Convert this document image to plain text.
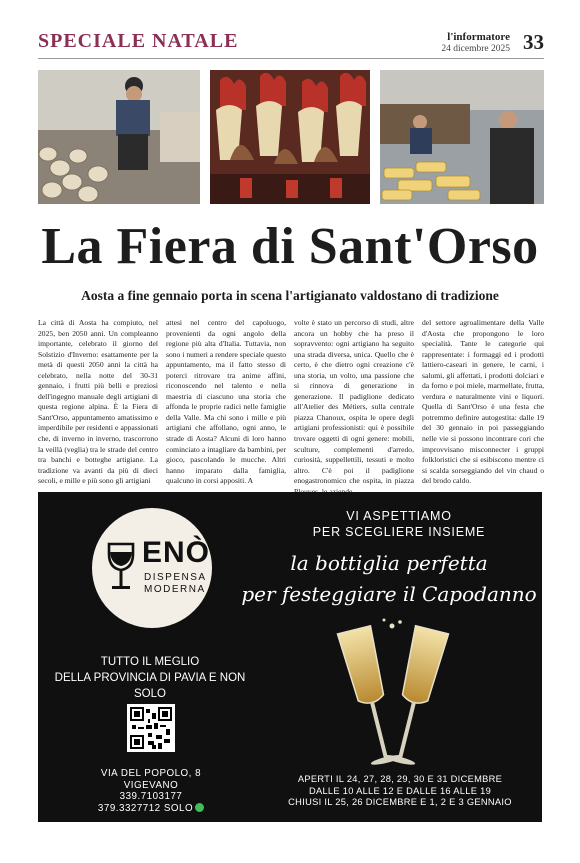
SPECIALE NATALE	l'informatore
24 dicembre 2025 33
La Fiera di Sant'Orso
Aosta a fine gennaio porta in scena l'artigianato valdostano di tradizione
La città di Aosta ha compiuto, nel 2025, ben 2050 anni. Un compleanno importante, celebrato il giorno del Solstizio d'Inverno: esattamente per la metà di questi 2050 anni la città ha celebrato, nella notte del 30-31 gennaio, i frutti più belli e preziosi dell'ingegno manuale degli artigiani di questa regione alpina. È la Fiera di Sant'Orso, appuntamento amatissimo e imperdibile per residenti e appassionati che, di inverno in inverno, trascorrono la veillà (veglia) tra le strade del centro tra banchi e botteghe artigiane. La tradizione va avanti da più di dieci secoli, e mille e più sono gli artigiani
attesi nel centro del capoluogo, provenienti da ogni angolo della regione più alta d'Italia. Tuttavia, non sono i numeri a rendere speciale questo appuntamento, ma il fatto stesso di poterci ritrovare tra anime affini, riconoscendo nel talento e nella maestria di ciascuno una storia che affonda le proprie radici nelle famiglie della Valle. Ma chi sono i mille e più artigiani che affollano, ogni anno, le strade di Aosta? Alcuni di loro hanno cominciato a intagliare da bambini, per gioco, pascolando le mucche. Altri hanno imparato dalla famiglia, qualcuno in corsi appositi. A
volte è stato un percorso di studi, altre ancora un hobby che ha preso il sopravvento: ogni artigiano ha seguito una strada diversa, unica. Quello che è certo, è che dietro ogni creazione c'è una storia, un volto, una passione che si rinnova di generazione in generazione. Il padiglione dedicato all'Atelier des Métiers, sulla centrale piazza Chanoux, ospita le opere degli artigiani professionisti: qui è possibile trovare oggetti di ogni genere: mobili, sculture, complementi d'arredo, curiosità, suppellettili, tessuti e molto altro. C'è poi il padiglione enogastronomico che ospita, in piazza
del settore agroalimentare della Valle d'Aosta che propongono le loro specialità. Tante le categorie qui rappresentate: i formaggi ed i prodotti lattiero-caseari in genere, le carni, i salumi, gli affettati, i prodotti dolciari e da forno e poi miele, marmellate, frutta, verdura e naturalmente vini e liquori. Quella di Sant'Orso è una festa che potremmo definire autogestita: dalle 19 del 30 gennaio in poi passeggiando nelle vie si possono incontrare cori che improvvisano misconnecter i gruppi folkloristici che si esibiscono mentre ci si scalda sorseggiando del vin chaud o del brodo caldo.
ENÒ
DISPENSA
MODERNA
TUTTO IL MEGLIO
DELLA PROVINCIA DI PAVIA E NON SOLO
VIA DEL POPOLO, 8
VIGEVANO
339.7103177
379.3327712 SOLO
VI ASPETTIAMO
PER SCEGLIERE INSIEME
la bottiglia perfetta
per festeggiare il Capodanno
APERTI IL 24, 27, 28, 29, 30 E 31 DICEMBRE
DALLE 10 ALLE 12 E DALLE 16 ALLE 19
CHIUSI IL 25, 26 DICEMBRE E 1, 2 E 3 GENNAIO
